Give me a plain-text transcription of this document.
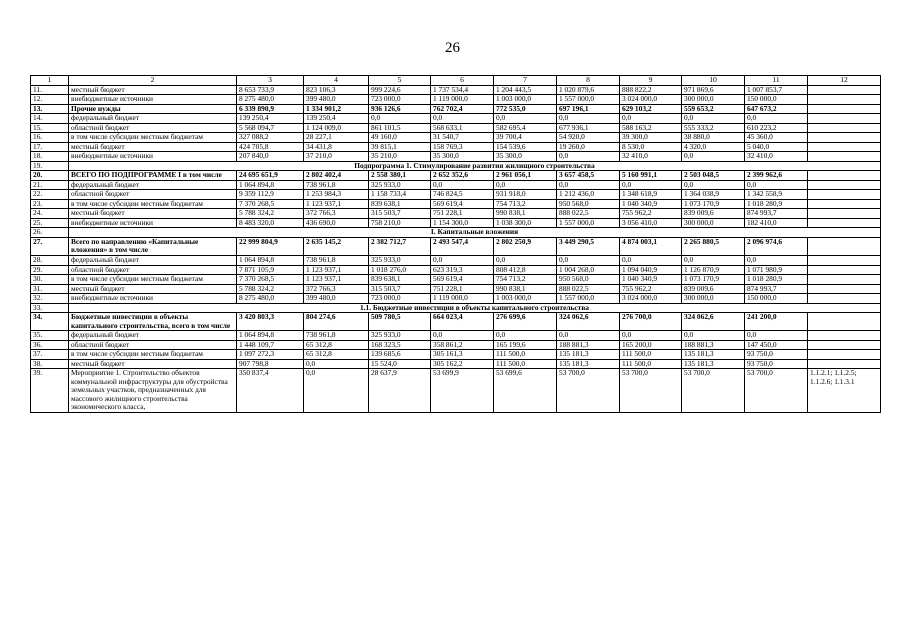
26
1	2	3	4	5	6	7	8	9	10	11	12
11.	местный бюджет	8 653 733,9	823 106,3	999 224,6	1 737 534,4	1 204 443,5	1 020 879,6	888 822,2	971 869,6	1 007 853,7	
12.	внебюджетные источники	8 275 480,0	399 480,0	723 000,0	1 119 000,0	1 003 000,0	1 557 000,0	3 024 000,0	300 000,0	150 000,0	
13.	Прочие нужды	6 339 890,9	1 334 901,2	936 126,6	762 702,4	772 535,0	697 196,1	629 103,2	559 653,2	647 673,2	
14.	федеральный бюджет	139 250,4	139 250,4	0,0	0,0	0,0	0,0	0,0	0,0	0,0	
15.	областной бюджет	5 568 094,7	1 124 009,0	861 101,5	568 633,1	582 695,4	677 936,1	588 163,2	555 333,2	610 223,2	
16.	в том числе субсидии местным бюджетам	327 088,2	28 227,1	49 160,0	31 540,7	39 700,4	54 920,0	39 300,0	38 880,0	45 360,0	
17.	местный бюджет	424 705,8	34 431,8	39 815,1	158 769,3	154 539,6	19 260,0	8 530,0	4 320,0	5 040,0	
18.	внебюджетные источники	207 840,0	37 210,0	35 210,0	35 300,0	35 300,0	0,0	32 410,0	0,0	32 410,0	
19.	Подпрограмма 1. Стимулирование развития жилищного строительства										
20.	ВСЕГО ПО ПОДПРОГРАММЕ I в том числе	24 695 651,9	2 802 402,4	2 558 380,1	2 652 352,6	2 961 056,1	3 657 458,5	5 160 991,1	2 503 048,5	2 399 962,6	
21.	федеральный бюджет	1 064 894,8	738 961,8	325 933,0	0,0	0,0	0,0	0,0	0,0	0,0	
22.	областной бюджет	9 359 112,9	1 253 984,3	1 158 733,4	746 824,5	931 918,0	1 212 436,0	1 348 618,9	1 364 038,9	1 342 558,9	
23.	в том числе субсидии местным бюджетам	7 370 268,5	1 123 937,1	839 638,1	569 619,4	754 713,2	950 568,0	1 040 340,9	1 073 170,9	1 018 280,9	
24.	местный бюджет	5 788 324,2	372 766,3	315 503,7	751 228,1	990 838,1	888 022,5	755 962,2	839 009,6	874 993,7	
25.	внебюджетные источники	8 483 320,0	436 690,0	758 210,0	1 154 300,0	1 038 300,0	1 557 000,0	3 056 410,0	300 000,0	182 410,0	
26.	I. Капитальные вложения										
27.	Всего по направлению «Капитальные вложения» в том числе	22 999 804,9	2 635 145,2	2 382 712,7	2 493 547,4	2 802 250,9	3 449 290,5	4 874 003,1	2 265 880,5	2 096 974,6	
28.	федеральный бюджет	1 064 894,8	738 961,8	325 933,0	0,0	0,0	0,0	0,0	0,0	0,0	
29.	областной бюджет	7 871 105,9	1 123 937,1	1 018 276,0	623 319,3	808 412,8	1 004 268,0	1 094 040,9	1 126 870,9	1 071 980,9	
30.	в том числе субсидии местным бюджетам	7 370 268,5	1 123 937,1	839 638,1	569 619,4	754 713,2	950 568,0	1 040 340,9	1 073 170,9	1 018 280,9	
31.	местный бюджет	5 788 324,2	372 766,3	315 503,7	751 228,1	990 838,1	888 022,5	755 962,2	839 009,6	874 993,7	
32.	внебюджетные источники	8 275 480,0	399 480,0	723 000,0	1 119 000,0	1 003 000,0	1 557 000,0	3 024 000,0	300 000,0	150 000,0	
33.	1.1. Бюджетные инвестиции в объекты капитального строительства										
34.	Бюджетные инвестиции в объекты капитального строительства, всего в том числе	3 420 803,3	804 274,6	509 780,5	664 023,4	276 699,6	324 062,6	276 700,0	324 062,6	241 200,0	
35.	федеральный бюджет	1 064 894,8	738 961,8	325 933,0	0,0	0,0	0,0	0,0	0,0	0,0	
36.	областной бюджет	1 448 109,7	65 312,8	168 323,5	358 861,2	165 199,6	188 881,3	165 200,0	188 881,3	147 450,0	
37.	в том числе субсидии местным бюджетам	1 097 272,3	65 312,8	139 685,6	305 161,3	111 500,0	135 181,3	111 500,0	135 181,3	93 750,0	
38.	местный бюджет	907 798,8	0,0	15 524,0	305 162,2	111 500,0	135 181,3	111 500,0	135 181,3	93 750,0	
39.	Мероприятие 1. Строительство объектов коммунальной инфраструктуры для обустройства земельных участков, предназначенных для массового жилищного строительства экономического класса,	350 837,4	0,0	28 637,9	53 699,9	53 699,6	53 700,0	53 700,0	53 700,0	53 700,0	1.1.2.1; 1.1.2.5; 1.1.2.6; 1.1.3.1
